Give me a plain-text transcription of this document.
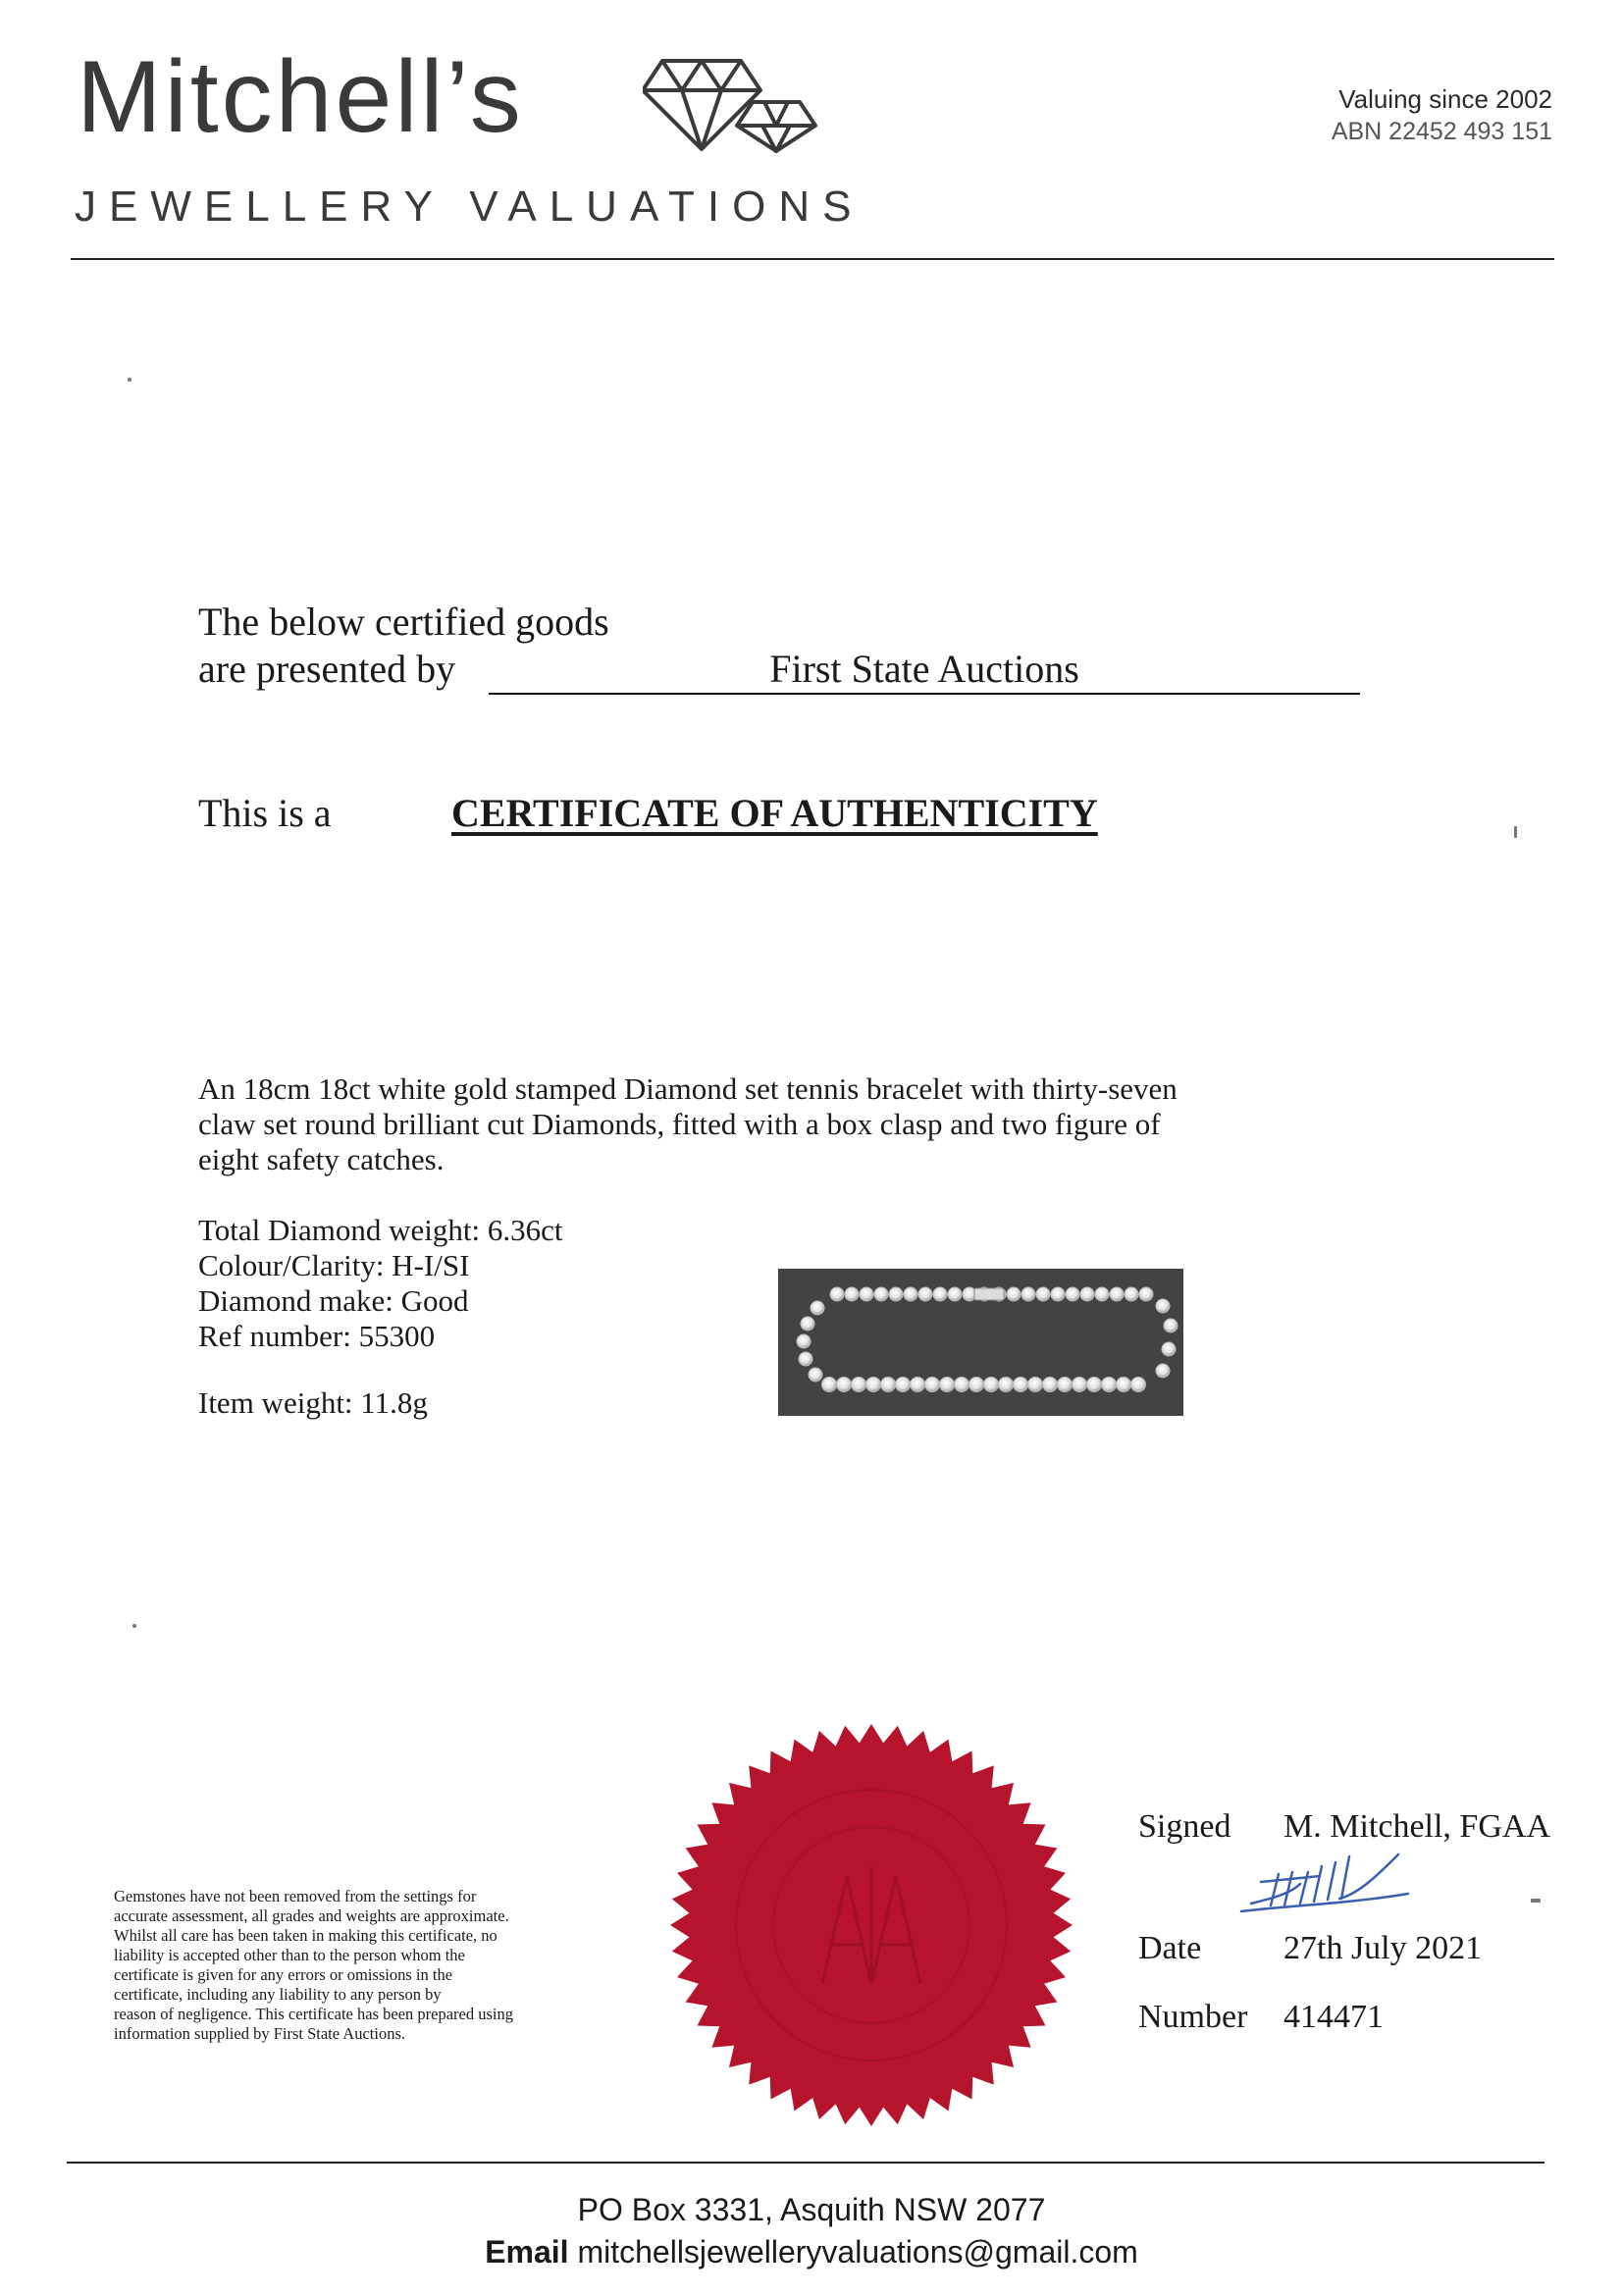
Mitchell’s
JEWELLERY VALUATIONS
Valuing since 2002
ABN 22452 493 151
The below certified goods
are presented by	First State Auctions
This is a	CERTIFICATE OF AUTHENTICITY
An 18cm 18ct white gold stamped Diamond set tennis bracelet with thirty-seven claw set round brilliant cut Diamonds, fitted with a box clasp and two figure of eight safety catches.
Total Diamond weight: 6.36ct
Colour/Clarity: H-I/SI
Diamond make: Good
Ref number: 55300
Item weight: 11.8g
Signed M. Mitchell, FGAA
Date 27th July 2021
Number 414471
Gemstones have not been removed from the settings for
accurate assessment, all grades and weights are approximate.
Whilst all care has been taken in making this certificate, no
liability is accepted other than to the person whom the
certificate is given for any errors or omissions in the
certificate, including any liability to any person by
reason of negligence. This certificate has been prepared using
information supplied by First State Auctions.
PO Box 3331, Asquith NSW 2077
Email mitchellsjewelleryvaluations@gmail.com
